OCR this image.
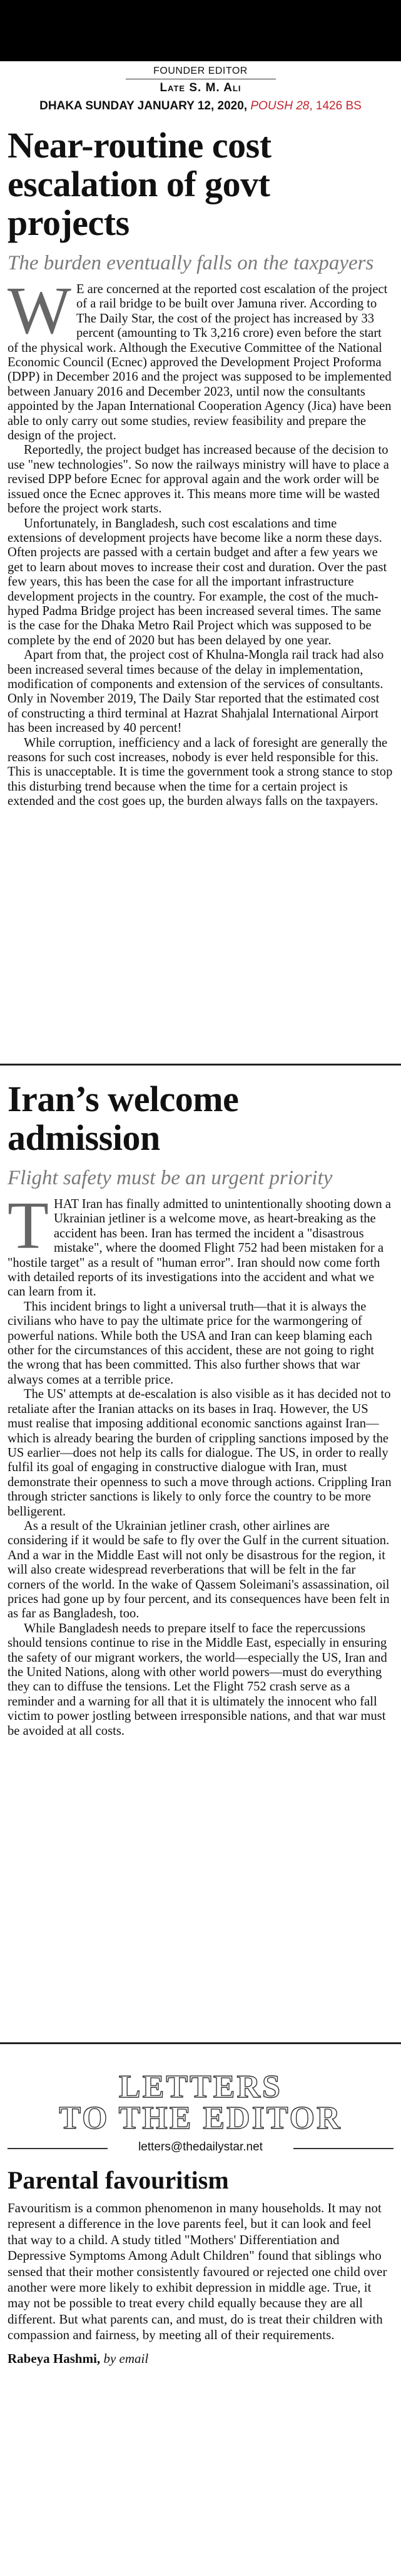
FOUNDER EDITOR
Late S. M. Ali
DHAKA SUNDAY JANUARY 12, 2020, POUSH 28, 1426 BS
Near-routine cost escalation of govt projects
The burden eventually falls on the taxpayers

W E are concerned at the reported cost escalation of the project of a rail bridge to be built over Jamuna river. According to The Daily Star, the cost of the project has increased by 33 percent (amounting to Tk 3,216 crore) even before the start of the physical work. Although the Executive Committee of the National Economic Council (Ecnec) approved the Development Project Proforma (DPP) in December 2016 and the project was supposed to be implemented between January 2016 and December 2023, until now the consultants appointed by the Japan International Cooperation Agency (Jica) have been able to only carry out some studies, review feasibility and prepare the design of the project.

Reportedly, the project budget has increased because of the decision to use "new technologies". So now the railways ministry will have to place a revised DPP before Ecnec for approval again and the work order will be issued once the Ecnec approves it. This means more time will be wasted before the project work starts.

Unfortunately, in Bangladesh, such cost escalations and time extensions of development projects have become like a norm these days. Often projects are passed with a certain budget and after a few years we get to learn about moves to increase their cost and duration. Over the past few years, this has been the case for all the important infrastructure development projects in the country. For example, the cost of the much-hyped Padma Bridge project has been increased several times. The same is the case for the Dhaka Metro Rail Project which was supposed to be complete by the end of 2020 but has been delayed by one year.

Apart from that, the project cost of Khulna-Mongla rail track had also been increased several times because of the delay in implementation, modification of components and extension of the services of consultants. Only in November 2019, The Daily Star reported that the estimated cost of constructing a third terminal at Hazrat Shahjalal International Airport has been increased by 40 percent!

While corruption, inefficiency and a lack of foresight are generally the reasons for such cost increases, nobody is ever held responsible for this. This is unacceptable. It is time the government took a strong stance to stop this disturbing trend because when the time for a certain project is extended and the cost goes up, the burden always falls on the taxpayers.

Iran’s welcome admission
Flight safety must be an urgent priority

THAT Iran has finally admitted to unintentionally shooting down a Ukrainian jetliner is a welcome move, as heart-breaking as the accident has been. Iran has termed the incident a "disastrous mistake", where the doomed Flight 752 had been mistaken for a "hostile target" as a result of "human error". Iran should now come forth with detailed reports of its investigations into the accident and what we can learn from it.

This incident brings to light a universal truth—that it is always the civilians who have to pay the ultimate price for the warmongering of powerful nations. While both the USA and Iran can keep blaming each other for the circumstances of this accident, these are not going to right the wrong that has been committed. This also further shows that war always comes at a terrible price.

The US' attempts at de-escalation is also visible as it has decided not to retaliate after the Iranian attacks on its bases in Iraq. However, the US must realise that imposing additional economic sanctions against Iran—which is already bearing the burden of crippling sanctions imposed by the US earlier—does not help its calls for dialogue. The US, in order to really fulfil its goal of engaging in constructive dialogue with Iran, must demonstrate their openness to such a move through actions. Crippling Iran through stricter sanctions is likely to only force the country to be more belligerent.

As a result of the Ukrainian jetliner crash, other airlines are considering if it would be safe to fly over the Gulf in the current situation. And a war in the Middle East will not only be disastrous for the region, it will also create widespread reverberations that will be felt in the far corners of the world. In the wake of Qassem Soleimani's assassination, oil prices had gone up by four percent, and its consequences have been felt in as far as Bangladesh, too.

While Bangladesh needs to prepare itself to face the repercussions should tensions continue to rise in the Middle East, especially in ensuring the safety of our migrant workers, the world—especially the US, Iran and the United Nations, along with other world powers—must do everything they can to diffuse the tensions. Let the Flight 752 crash serve as a reminder and a warning for all that it is ultimately the innocent who fall victim to power jostling between irresponsible nations, and that war must be avoided at all costs.

LETTERS
TO THE EDITOR
letters@thedailystar.net
Parental favouritism
Favouritism is a common phenomenon in many households. It may not represent a difference in the love parents feel, but it can look and feel that way to a child. A study titled "Mothers' Differentiation and Depressive Symptoms Among Adult Children" found that siblings who sensed that their mother consistently favoured or rejected one child over another were more likely to exhibit depression in middle age. True, it may not be possible to treat every child equally because they are all different. But what parents can, and must, do is treat their children with compassion and fairness, by meeting all of their requirements.
Rabeya Hashmi, by email
